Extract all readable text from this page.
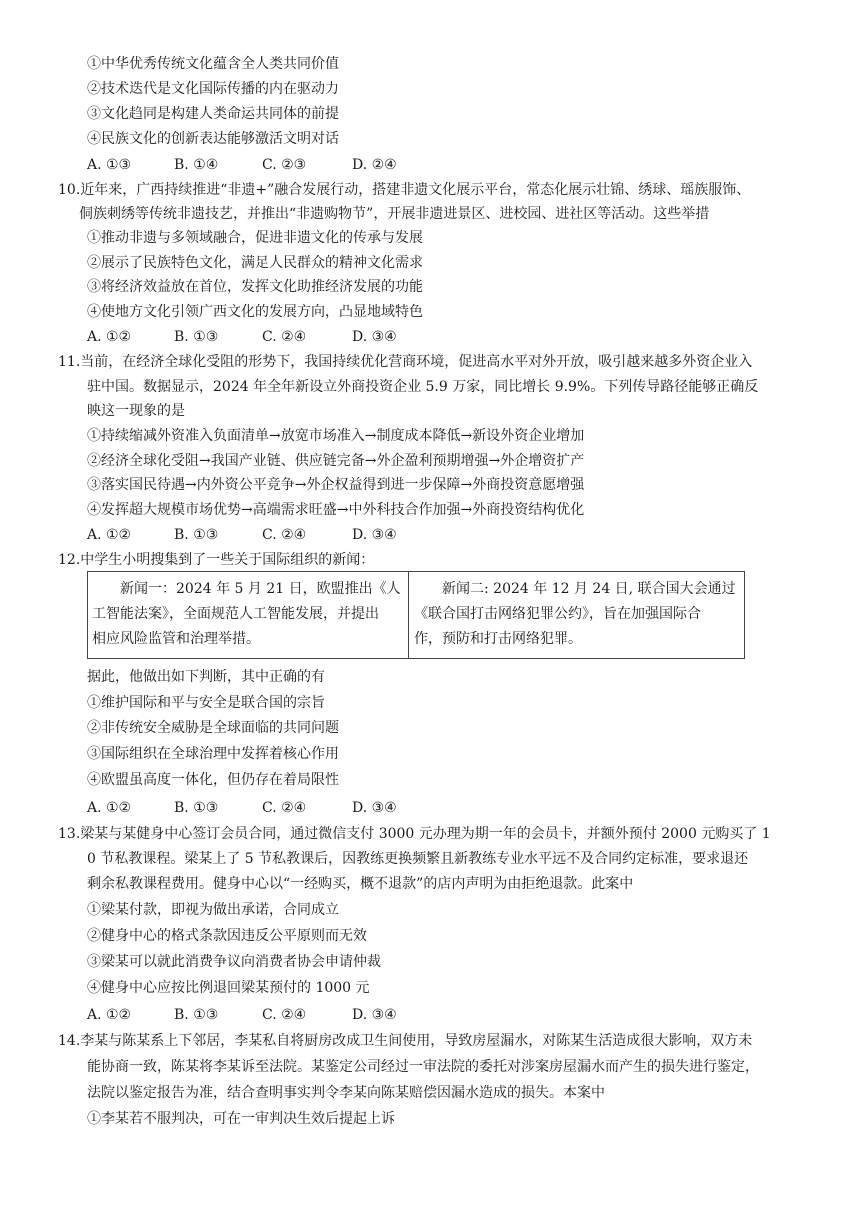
①中华优秀传统文化蕴含全人类共同价值
②技术迭代是文化国际传播的内在驱动力
③文化趋同是构建人类命运共同体的前提
④民族文化的创新表达能够激活文明对话
A. ①③	B. ①④	C. ②③	D. ②④
10.近年来，广西持续推进“非遗+”融合发展行动，搭建非遗文化展示平台，常态化展示壮锦、绣球、瑶族服饰、
侗族刺绣等传统非遗技艺，并推出“非遗购物节”，开展非遗进景区、进校园、进社区等活动。这些举措
①推动非遗与多领域融合，促进非遗文化的传承与发展
②展示了民族特色文化，满足人民群众的精神文化需求
③将经济效益放在首位，发挥文化助推经济发展的功能
④使地方文化引领广西文化的发展方向，凸显地域特色
A. ①②	B. ①③	C. ②④	D. ③④
11.当前，在经济全球化受阻的形势下，我国持续优化营商环境，促进高水平对外开放，吸引越来越多外资企业入
驻中国。数据显示，2024 年全年新设立外商投资企业 5.9 万家，同比增长 9.9%。下列传导路径能够正确反
映这一现象的是
①持续缩减外资准入负面清单→放宽市场准入→制度成本降低→新设外资企业增加
②经济全球化受阻→我国产业链、供应链完备→外企盈利预期增强→外企增资扩产
③落实国民待遇→内外资公平竞争→外企权益得到进一步保障→外商投资意愿增强
④发挥超大规模市场优势→高端需求旺盛→中外科技合作加强→外商投资结构优化
A. ①②	B. ①③	C. ②④	D. ③④
12.中学生小明搜集到了一些关于国际组织的新闻：
新闻一：2024 年 5 月 21 日，欧盟推出《人
工智能法案》，全面规范人工智能发展，并提出
相应风险监管和治理举措。
新闻二: 2024 年 12 月 24 日, 联合国大会通过
《联合国打击网络犯罪公约》，旨在加强国际合
作，预防和打击网络犯罪。
据此，他做出如下判断，其中正确的有
①维护国际和平与安全是联合国的宗旨
②非传统安全威胁是全球面临的共同问题
③国际组织在全球治理中发挥着核心作用
④欧盟虽高度一体化，但仍存在着局限性
A. ①②	B. ①③	C. ②④	D. ③④
13.梁某与某健身中心签订会员合同，通过微信支付 3000 元办理为期一年的会员卡，并额外预付 2000 元购买了 1
0 节私教课程。梁某上了 5 节私教课后，因教练更换频繁且新教练专业水平远不及合同约定标准，要求退还
剩余私教课程费用。健身中心以“一经购买，概不退款”的店内声明为由拒绝退款。此案中
①梁某付款，即视为做出承诺，合同成立
②健身中心的格式条款因违反公平原则而无效
③梁某可以就此消费争议向消费者协会申请仲裁
④健身中心应按比例退回梁某预付的 1000 元
A. ①②	B. ①③	C. ②④	D. ③④
14.李某与陈某系上下邻居，李某私自将厨房改成卫生间使用，导致房屋漏水，对陈某生活造成很大影响，双方未
能协商一致，陈某将李某诉至法院。某鉴定公司经过一审法院的委托对涉案房屋漏水而产生的损失进行鉴定，
法院以鉴定报告为准，结合查明事实判令李某向陈某赔偿因漏水造成的损失。本案中
①李某若不服判决，可在一审判决生效后提起上诉
